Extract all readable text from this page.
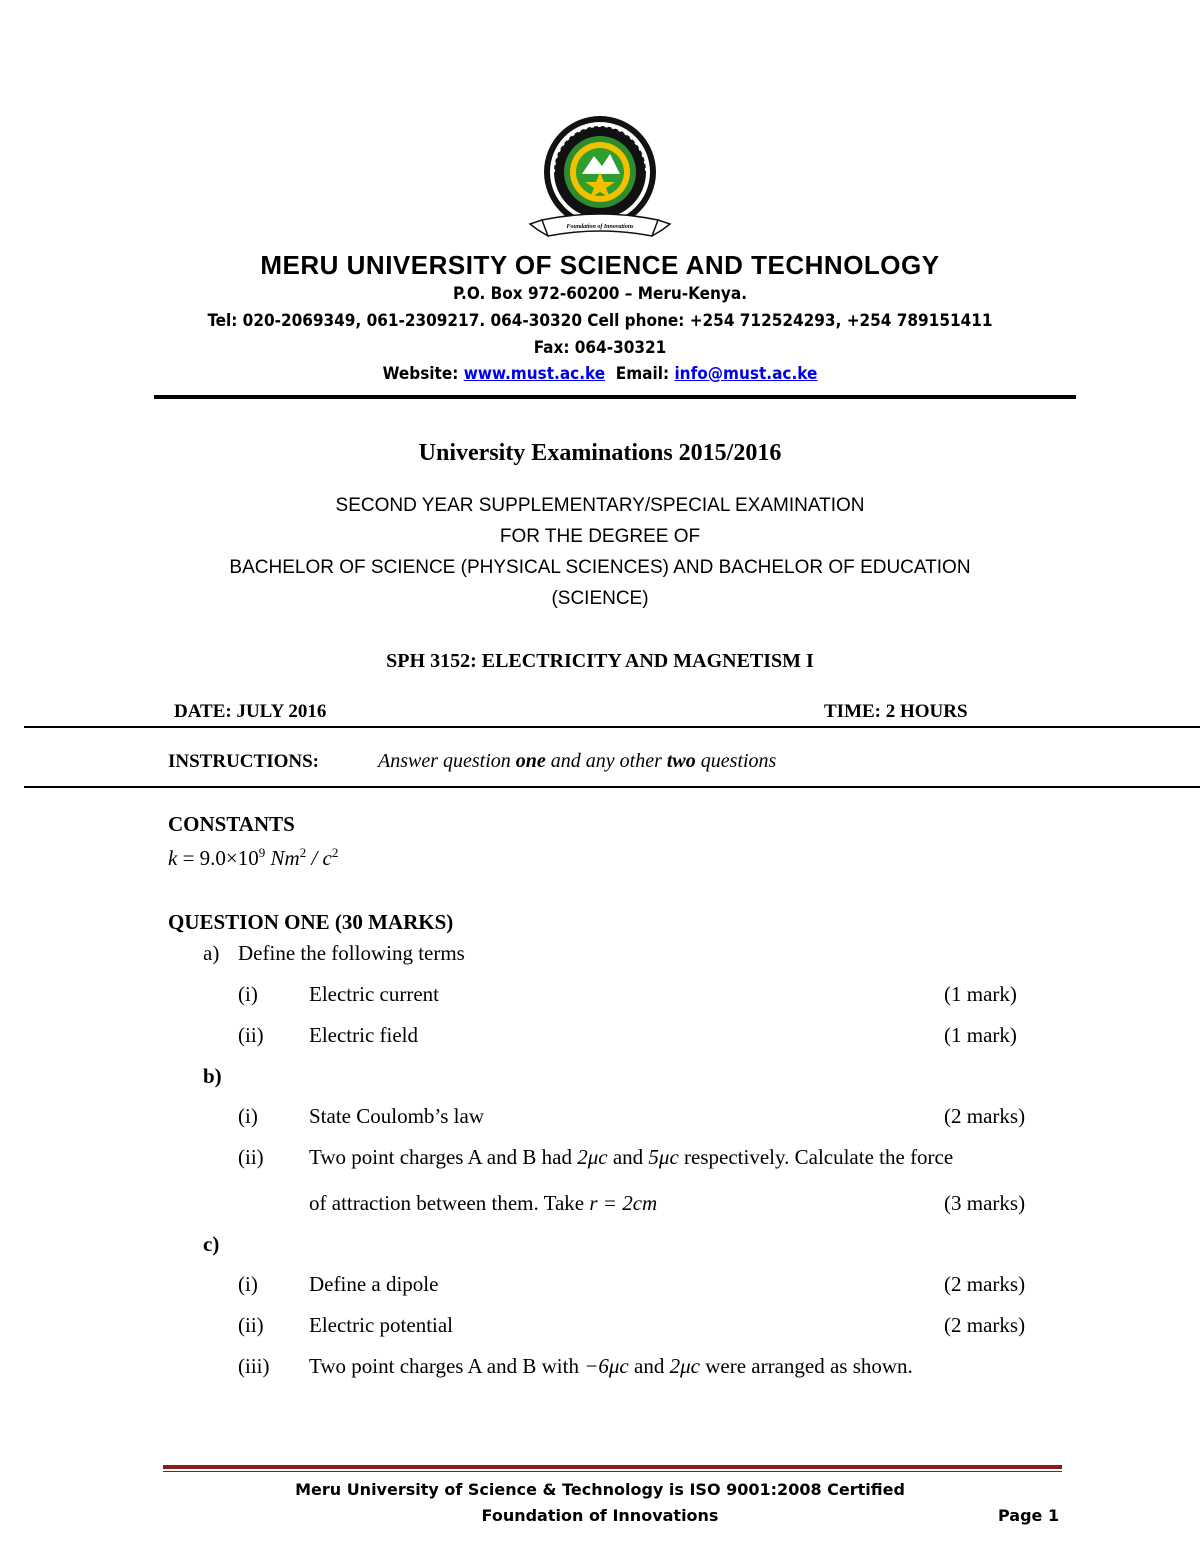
Foundation of Innovations
MERU UNIVERSITY OF SCIENCE AND TECHNOLOGY
P.O. Box 972-60200 – Meru-Kenya.
Tel: 020-2069349, 061-2309217. 064-30320 Cell phone: +254 712524293, +254 789151411
Fax: 064-30321
Website: www.must.ac.ke Email: info@must.ac.ke
University Examinations 2015/2016
SECOND YEAR SUPPLEMENTARY/SPECIAL EXAMINATION
FOR THE DEGREE OF
BACHELOR OF SCIENCE (PHYSICAL SCIENCES) AND BACHELOR OF EDUCATION
(SCIENCE)
SPH 3152: ELECTRICITY AND MAGNETISM I
DATE: JULY 2016	TIME: 2 HOURS
INSTRUCTIONS:	Answer question one and any other two questions
CONSTANTS
$k = 9.0\times 10^9$ $Nm^2 / c^2$
QUESTION ONE (30 MARKS)
a) Define the following terms
(i) Electric current	(1 mark)
(ii) Electric field	(1 mark)
b)
(i) State Coulomb’s law	(2 marks)
(ii) Two point charges A and B had 2μc and 5μc respectively. Calculate the force
of attraction between them. Take r = 2cm	(3 marks)
c)
(i) Define a dipole	(2 marks)
(ii) Electric potential	(2 marks)
(iii) Two point charges A and B with −6μc and 2μc were arranged as shown.
Meru University of Science & Technology is ISO 9001:2008 Certified
Foundation of Innovations	Page 1
